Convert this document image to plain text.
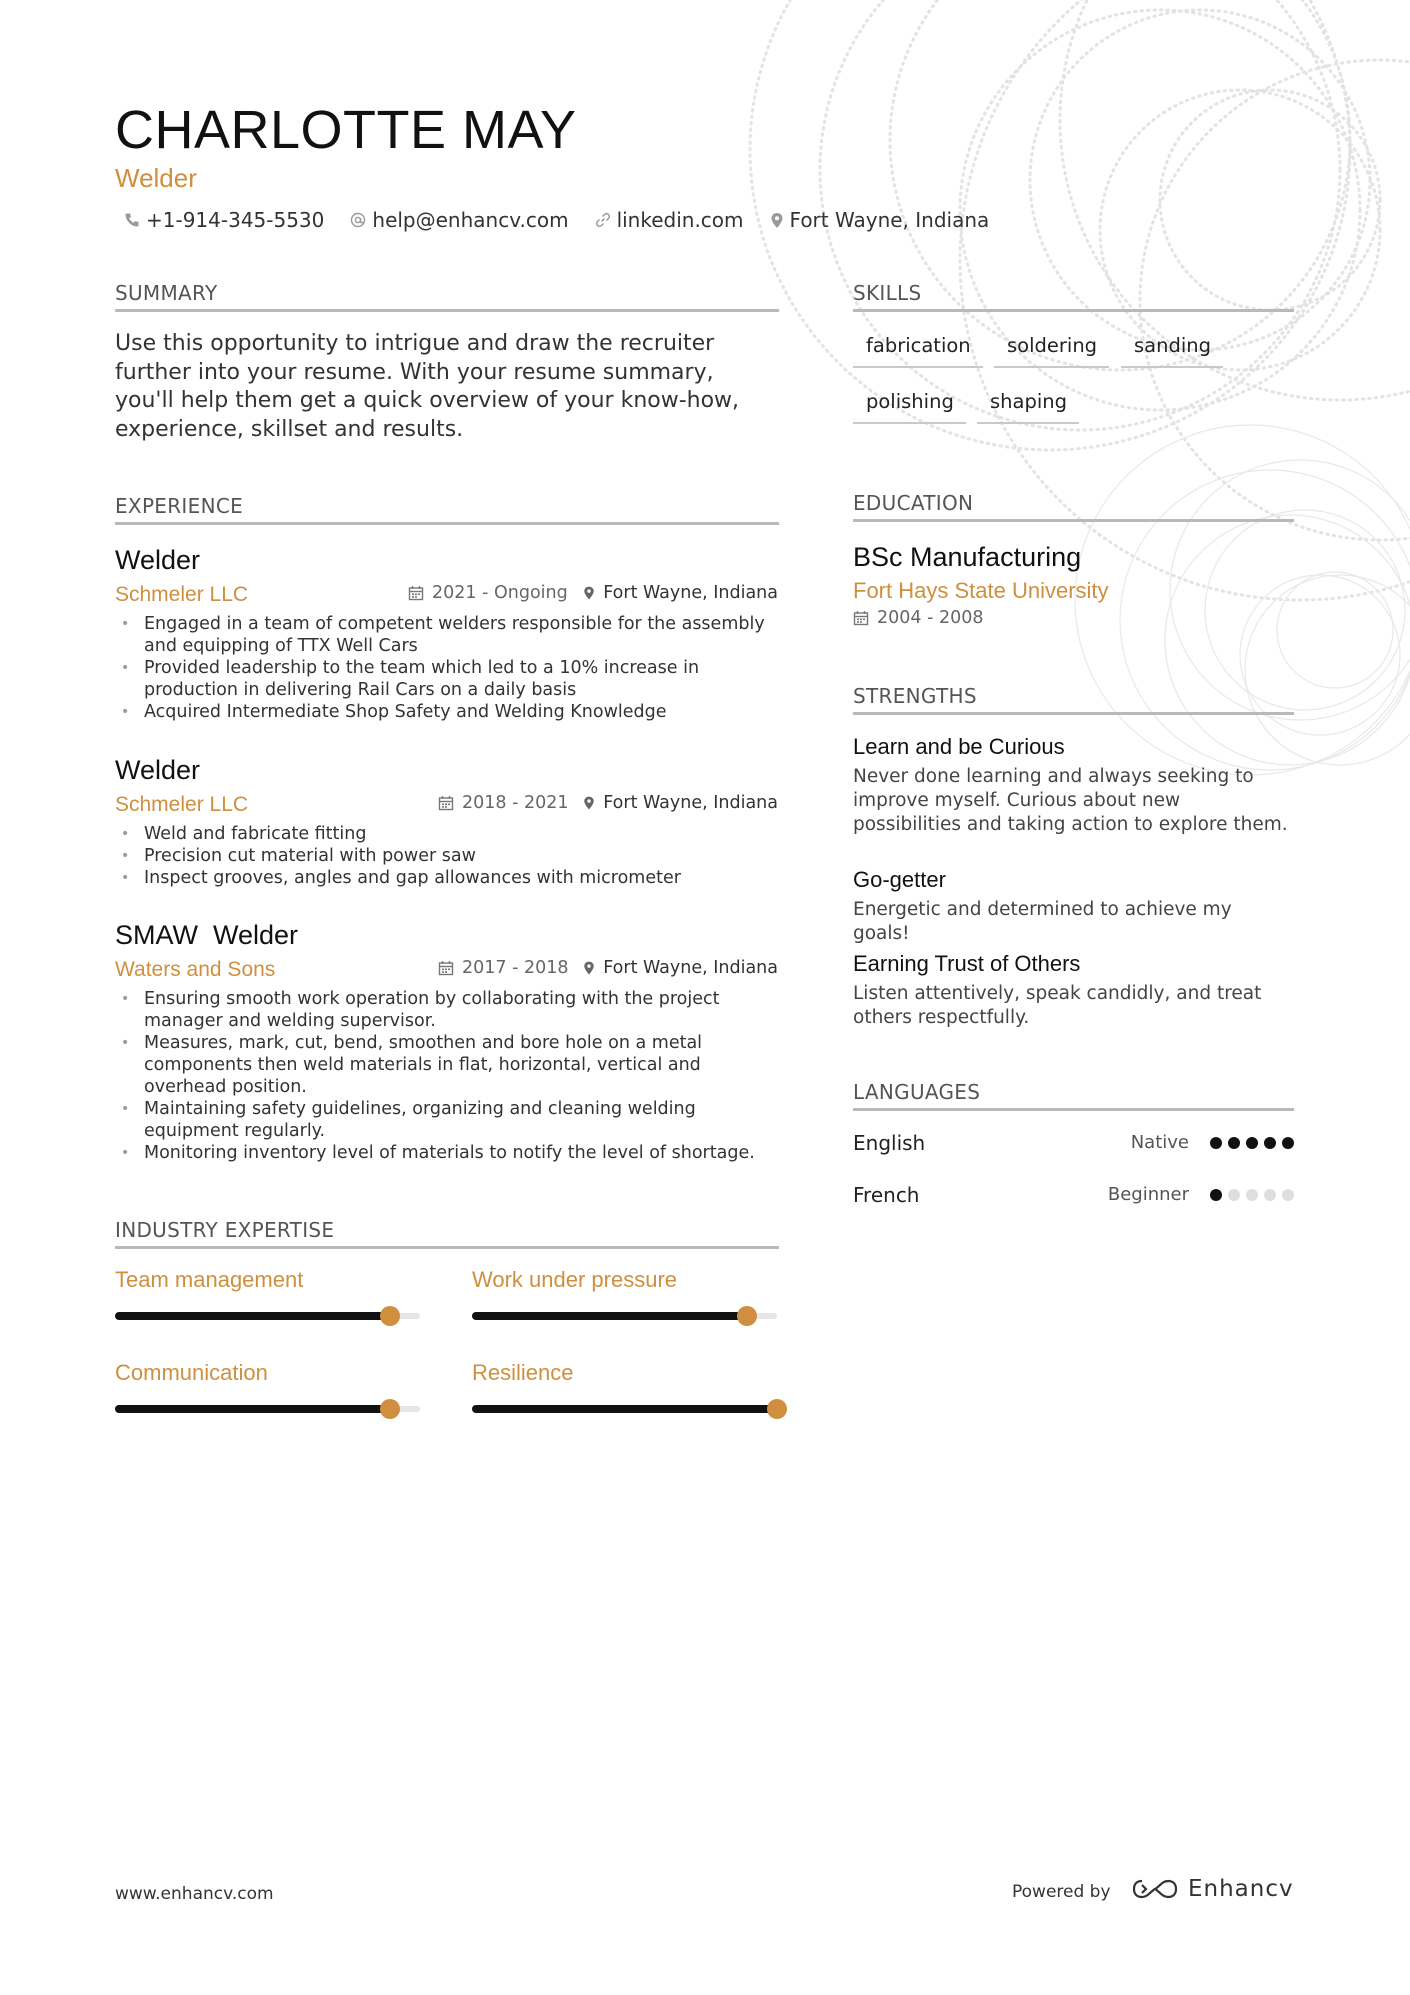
CHARLOTTE MAY
Welder
+1-914-345-5530 help@enhancv.com linkedin.com Fort Wayne, Indiana
SUMMARY

Use this opportunity to intrigue and draw the recruiter further into your resume. With your resume summary, you'll help them get a quick overview of your know-how, experience, skillset and results.

EXPERIENCE
Welder
Schmeler LLC	2021 - Ongoing Fort Wayne, Indiana
• Engaged in a team of competent welders responsible for the assembly and equipping of TTX Well Cars
• Provided leadership to the team which led to a 10% increase in production in delivering Rail Cars on a daily basis
• Acquired Intermediate Shop Safety and Welding Knowledge
Welder
Schmeler LLC	2018 - 2021 Fort Wayne, Indiana
• Weld and fabricate fitting
• Precision cut material with power saw
• Inspect grooves, angles and gap allowances with micrometer
SMAW  Welder
Waters and Sons	2017 - 2018 Fort Wayne, Indiana
• Ensuring smooth work operation by collaborating with the project manager and welding supervisor.
• Measures, mark, cut, bend, smoothen and bore hole on a metal components then weld materials in flat, horizontal, vertical and overhead position.
• Maintaining safety guidelines, organizing and cleaning welding equipment regularly.
• Monitoring inventory level of materials to notify the level of shortage.
INDUSTRY EXPERTISE
Team management	Work under pressure
Communication	Resilience
SKILLS
fabrication	soldering	sanding
polishing	shaping
EDUCATION
BSc Manufacturing
Fort Hays State University
2004 - 2008
STRENGTHS
Learn and be Curious
Never done learning and always seeking to improve myself. Curious about new possibilities and taking action to explore them.
Go-getter
Energetic and determined to achieve my goals!
Earning Trust of Others
Listen attentively, speak candidly, and treat others respectfully.
LANGUAGES
English	Native
French	Beginner
www.enhancv.com	Powered by	Enhancv
